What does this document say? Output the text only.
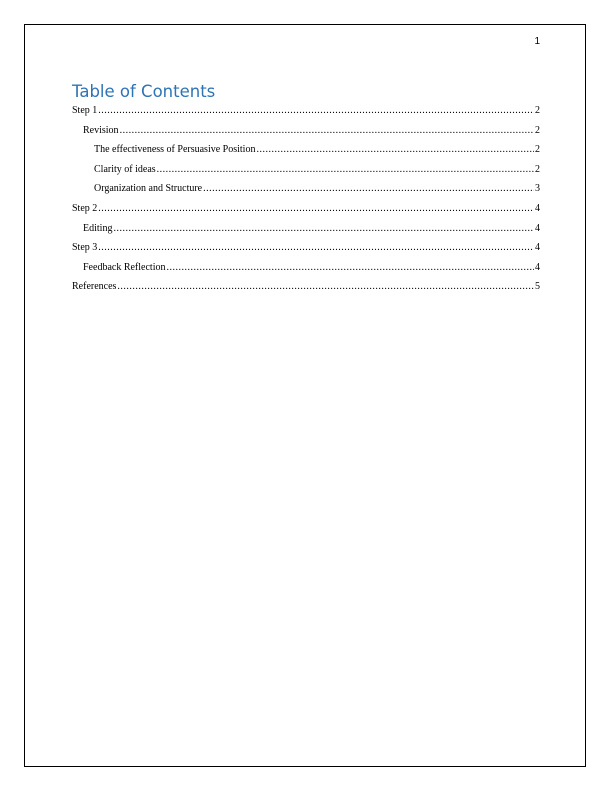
1
Table of Contents
Step 1 .....	2
Revision .....	2
The effectiveness of Persuasive Position .....	2
Clarity of ideas .....	2
Organization and Structure .....	3
Step 2 .....	4
Editing .....	4
Step 3 .....	4
Feedback Reflection .....	4
References .....	5
